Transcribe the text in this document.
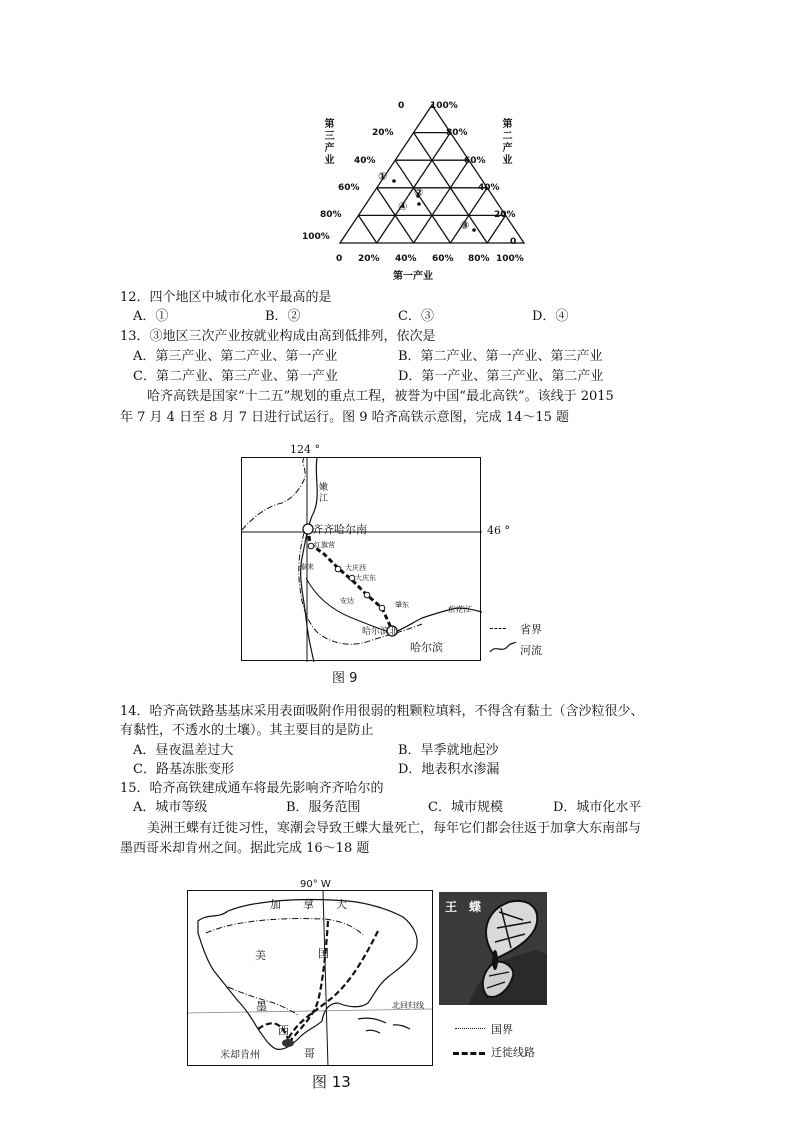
①
②
④
③
0
20%
40%
60%
80%
100%
100%
80%
60%
40%
20%
0
0 20% 40% 60% 80% 100%
第三产业	第二产业
第一产业
12．四个地区中城市化水平最高的是
A．①	B．②	C．③	D．④
13．③地区三次产业按就业构成由高到低排列，依次是
A．第三产业、第二产业、第一产业	B．第二产业、第一产业、第三产业
C．第二产业、第三产业、第一产业	D．第一产业、第三产业、第二产业
哈齐高铁是国家“十二五”规划的重点工程，被誉为中国“最北高铁”。该线于 2015
年 7 月 4 日至 8 月 7 日进行试运行。图 9 哈齐高铁示意图，完成 14～15 题
124 °
46 °
嫩江
齐齐哈尔南
红旗营
泰来	大庆西
大庆东
安达	肇东	松花江
哈尔滨北
哈尔滨
省界
河流
图 9
14．哈齐高铁路基基床采用表面吸附作用很弱的粗颗粒填料，不得含有黏土（含沙粒很少、
有黏性，不透水的土壤）。其主要目的是防止
A．昼夜温差过大	B．旱季就地起沙
C．路基冻胀变形	D．地表积水渗漏
15．哈齐高铁建成通车将最先影响齐齐哈尔的
A．城市等级	B．服务范围	C．城市规模	D．城市化水平
美洲王蝶有迁徙习性，寒潮会导致王蝶大量死亡，每年它们都会往返于加拿大东南部与
墨西哥米却肯州之间。据此完成 16～18 题
90° W
加 拿 大
美	国
墨
西
哥
北回归线
米却肯州
王　蝶
国界
迁徙线路
图 13
